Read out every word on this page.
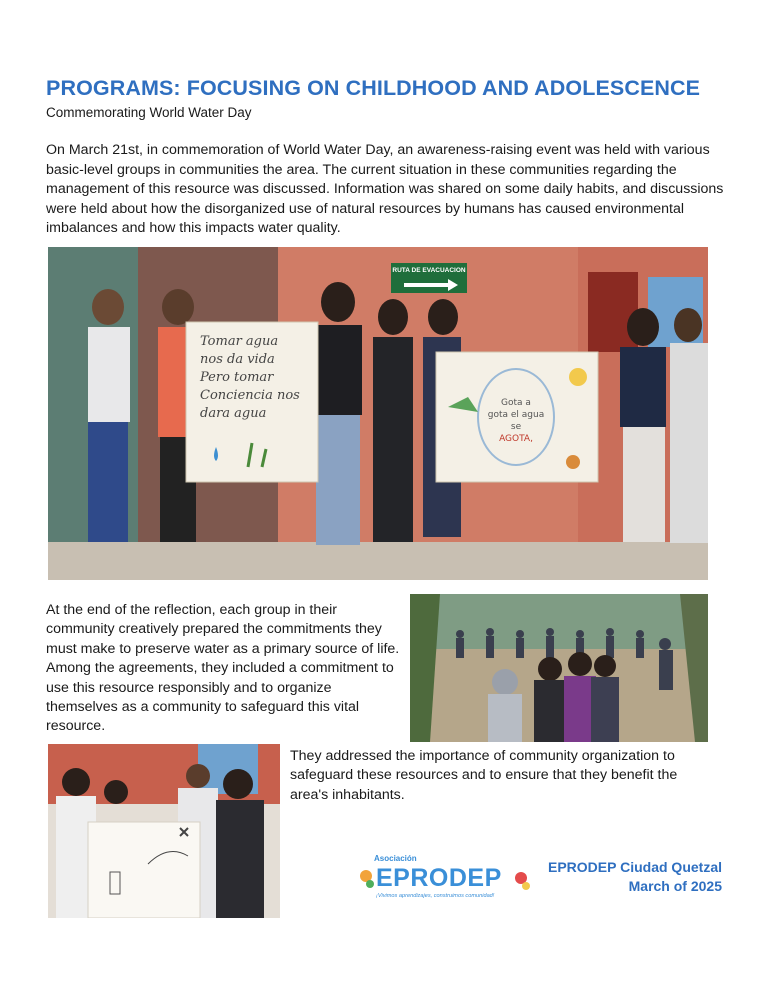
PROGRAMS: FOCUSING ON CHILDHOOD AND ADOLESCENCE

Commemorating World Water Day

On March 21st, in commemoration of World Water Day, an awareness-raising event was held with various basic-level groups in communities the area. The current situation in these communities regarding the management of this resource was discussed. Information was shared on some daily habits, and discussions were held about how the disorganized use of natural resources by humans has caused environmental imbalances and how this impacts water quality.

RUTA DE EVACUACION
Tomar agua
nos da vida
Pero tomar
Conciencia nos
dara agua
Gota a
gota el agua
se
AGOTA,

At the end of the reflection, each group in their community creatively prepared the commitments they must make to preserve water as a primary source of life. Among the agreements, they included a commitment to use this resource responsibly and to organize themselves as a community to safeguard this vital resource.

They addressed the importance of community organization to safeguard these resources and to ensure that they benefit the area's inhabitants.

Asociación
EPRODEP
¡Vivimos aprendizajes, construimos comunidad!
EPRODEP Ciudad Quetzal
March of 2025
